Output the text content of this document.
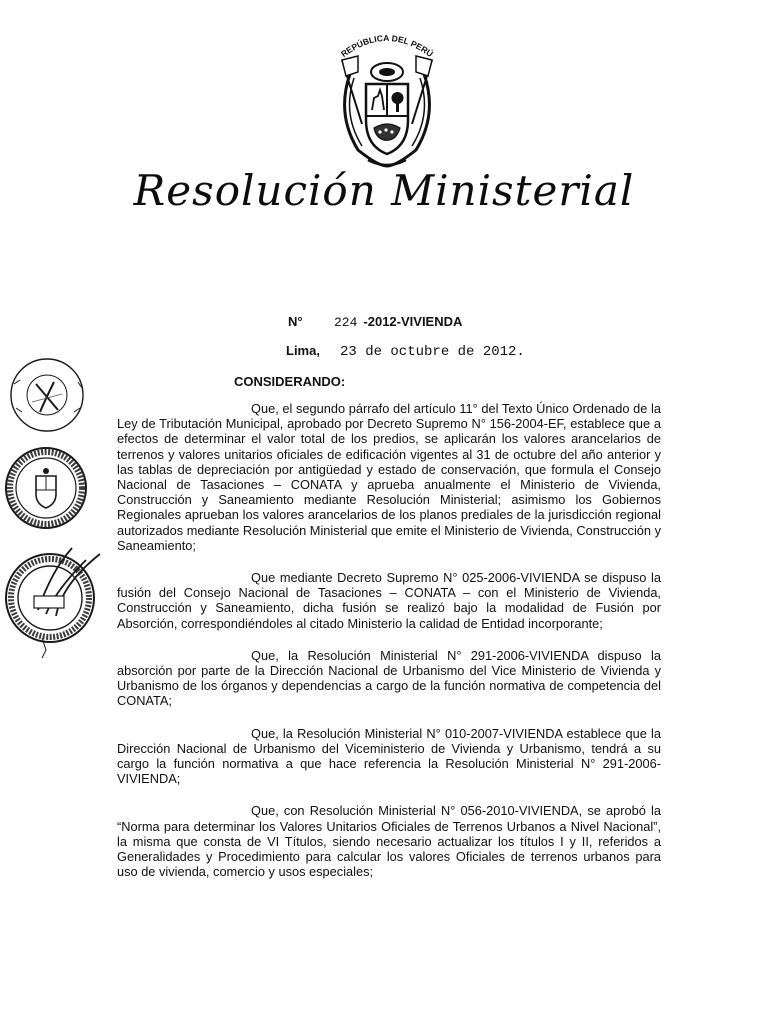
REPÚBLICA DEL PERÚ
Resolución Ministerial
N° 224 -2012-VIVIENDA
Lima, 23 de octubre de 2012.
CONSIDERANDO:

Que, el segundo párrafo del artículo 11° del Texto Único Ordenado de la Ley de Tributación Municipal, aprobado por Decreto Supremo N° 156-2004-EF, establece que a efectos de determinar el valor total de los predios, se aplicarán los valores arancelarios de terrenos y valores unitarios oficiales de edificación vigentes al 31 de octubre del año anterior y las tablas de depreciación por antigüedad y estado de conservación, que formula el Consejo Nacional de Tasaciones – CONATA y aprueba anualmente el Ministerio de Vivienda, Construcción y Saneamiento mediante Resolución Ministerial; asimismo los Gobiernos Regionales aprueban los valores arancelarios de los planos prediales de la jurisdicción regional autorizados mediante Resolución Ministerial que emite el Ministerio de Vivienda, Construcción y Saneamiento;

Que mediante Decreto Supremo N° 025-2006-VIVIENDA se dispuso la fusión del Consejo Nacional de Tasaciones – CONATA – con el Ministerio de Vivienda, Construcción y Saneamiento, dicha fusión se realizó bajo la modalidad de Fusión por Absorción, correspondiéndoles al citado Ministerio la calidad de Entidad incorporante;

Que, la Resolución Ministerial N° 291-2006-VIVIENDA dispuso la absorción por parte de la Dirección Nacional de Urbanismo del Vice Ministerio de Vivienda y Urbanismo de los órganos y dependencias a cargo de la función normativa de competencia del CONATA;

Que, la Resolución Ministerial N° 010-2007-VIVIENDA establece que la Dirección Nacional de Urbanismo del Viceministerio de Vivienda y Urbanismo, tendrá a su cargo la función normativa a que hace referencia la Resolución Ministerial N° 291-2006-VIVIENDA;

Que, con Resolución Ministerial N° 056-2010-VIVIENDA, se aprobó la “Norma para determinar los Valores Unitarios Oficiales de Terrenos Urbanos a Nivel Nacional”, la misma que consta de VI Títulos, siendo necesario actualizar los títulos I y II, referidos a Generalidades y Procedimiento para calcular los valores Oficiales de terrenos urbanos para uso de vivienda, comercio y usos especiales;
